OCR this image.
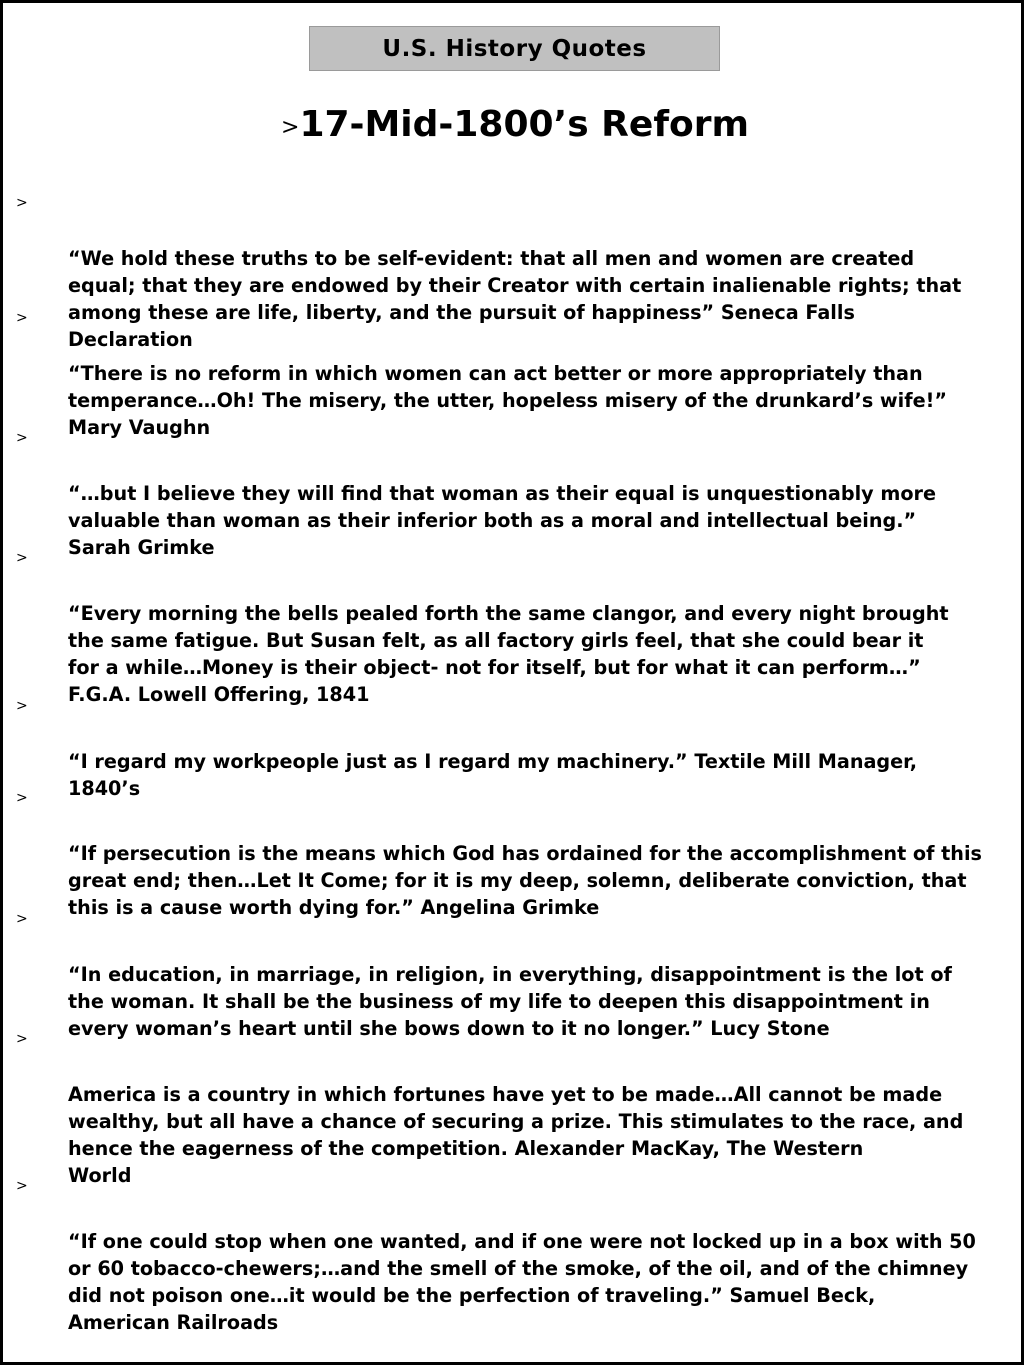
U.S. History Quotes
>17-Mid-1800’s Reform

>

“We hold these truths to be self-evident: that all men and women are created
equal; that they are endowed by their Creator with certain inalienable rights; that
among these are life, liberty, and the pursuit of happiness” Seneca Falls
Declaration

>

“There is no reform in which women can act better or more appropriately than
temperance…Oh! The misery, the utter, hopeless misery of the drunkard’s wife!”
Mary Vaughn

>

“…but I believe they will find that woman as their equal is unquestionably more
valuable than woman as their inferior both as a moral and intellectual being.”
Sarah Grimke

>

“Every morning the bells pealed forth the same clangor, and every night brought
the same fatigue. But Susan felt, as all factory girls feel, that she could bear it
for a while…Money is their object- not for itself, but for what it can perform…”
F.G.A. Lowell Offering, 1841

>

“I regard my workpeople just as I regard my machinery.” Textile Mill Manager,
1840’s

>

“If persecution is the means which God has ordained for the accomplishment of this
great end; then…Let It Come; for it is my deep, solemn, deliberate conviction, that
this is a cause worth dying for.” Angelina Grimke

>

“In education, in marriage, in religion, in everything, disappointment is the lot of
the woman. It shall be the business of my life to deepen this disappointment in
every woman’s heart until she bows down to it no longer.” Lucy Stone

>

America is a country in which fortunes have yet to be made…All cannot be made
wealthy, but all have a chance of securing a prize. This stimulates to the race, and
hence the eagerness of the competition. Alexander MacKay, The Western
World

>

“If one could stop when one wanted, and if one were not locked up in a box with 50
or 60 tobacco-chewers;…and the smell of the smoke, of the oil, and of the chimney
did not poison one…it would be the perfection of traveling.” Samuel Beck,
American Railroads
